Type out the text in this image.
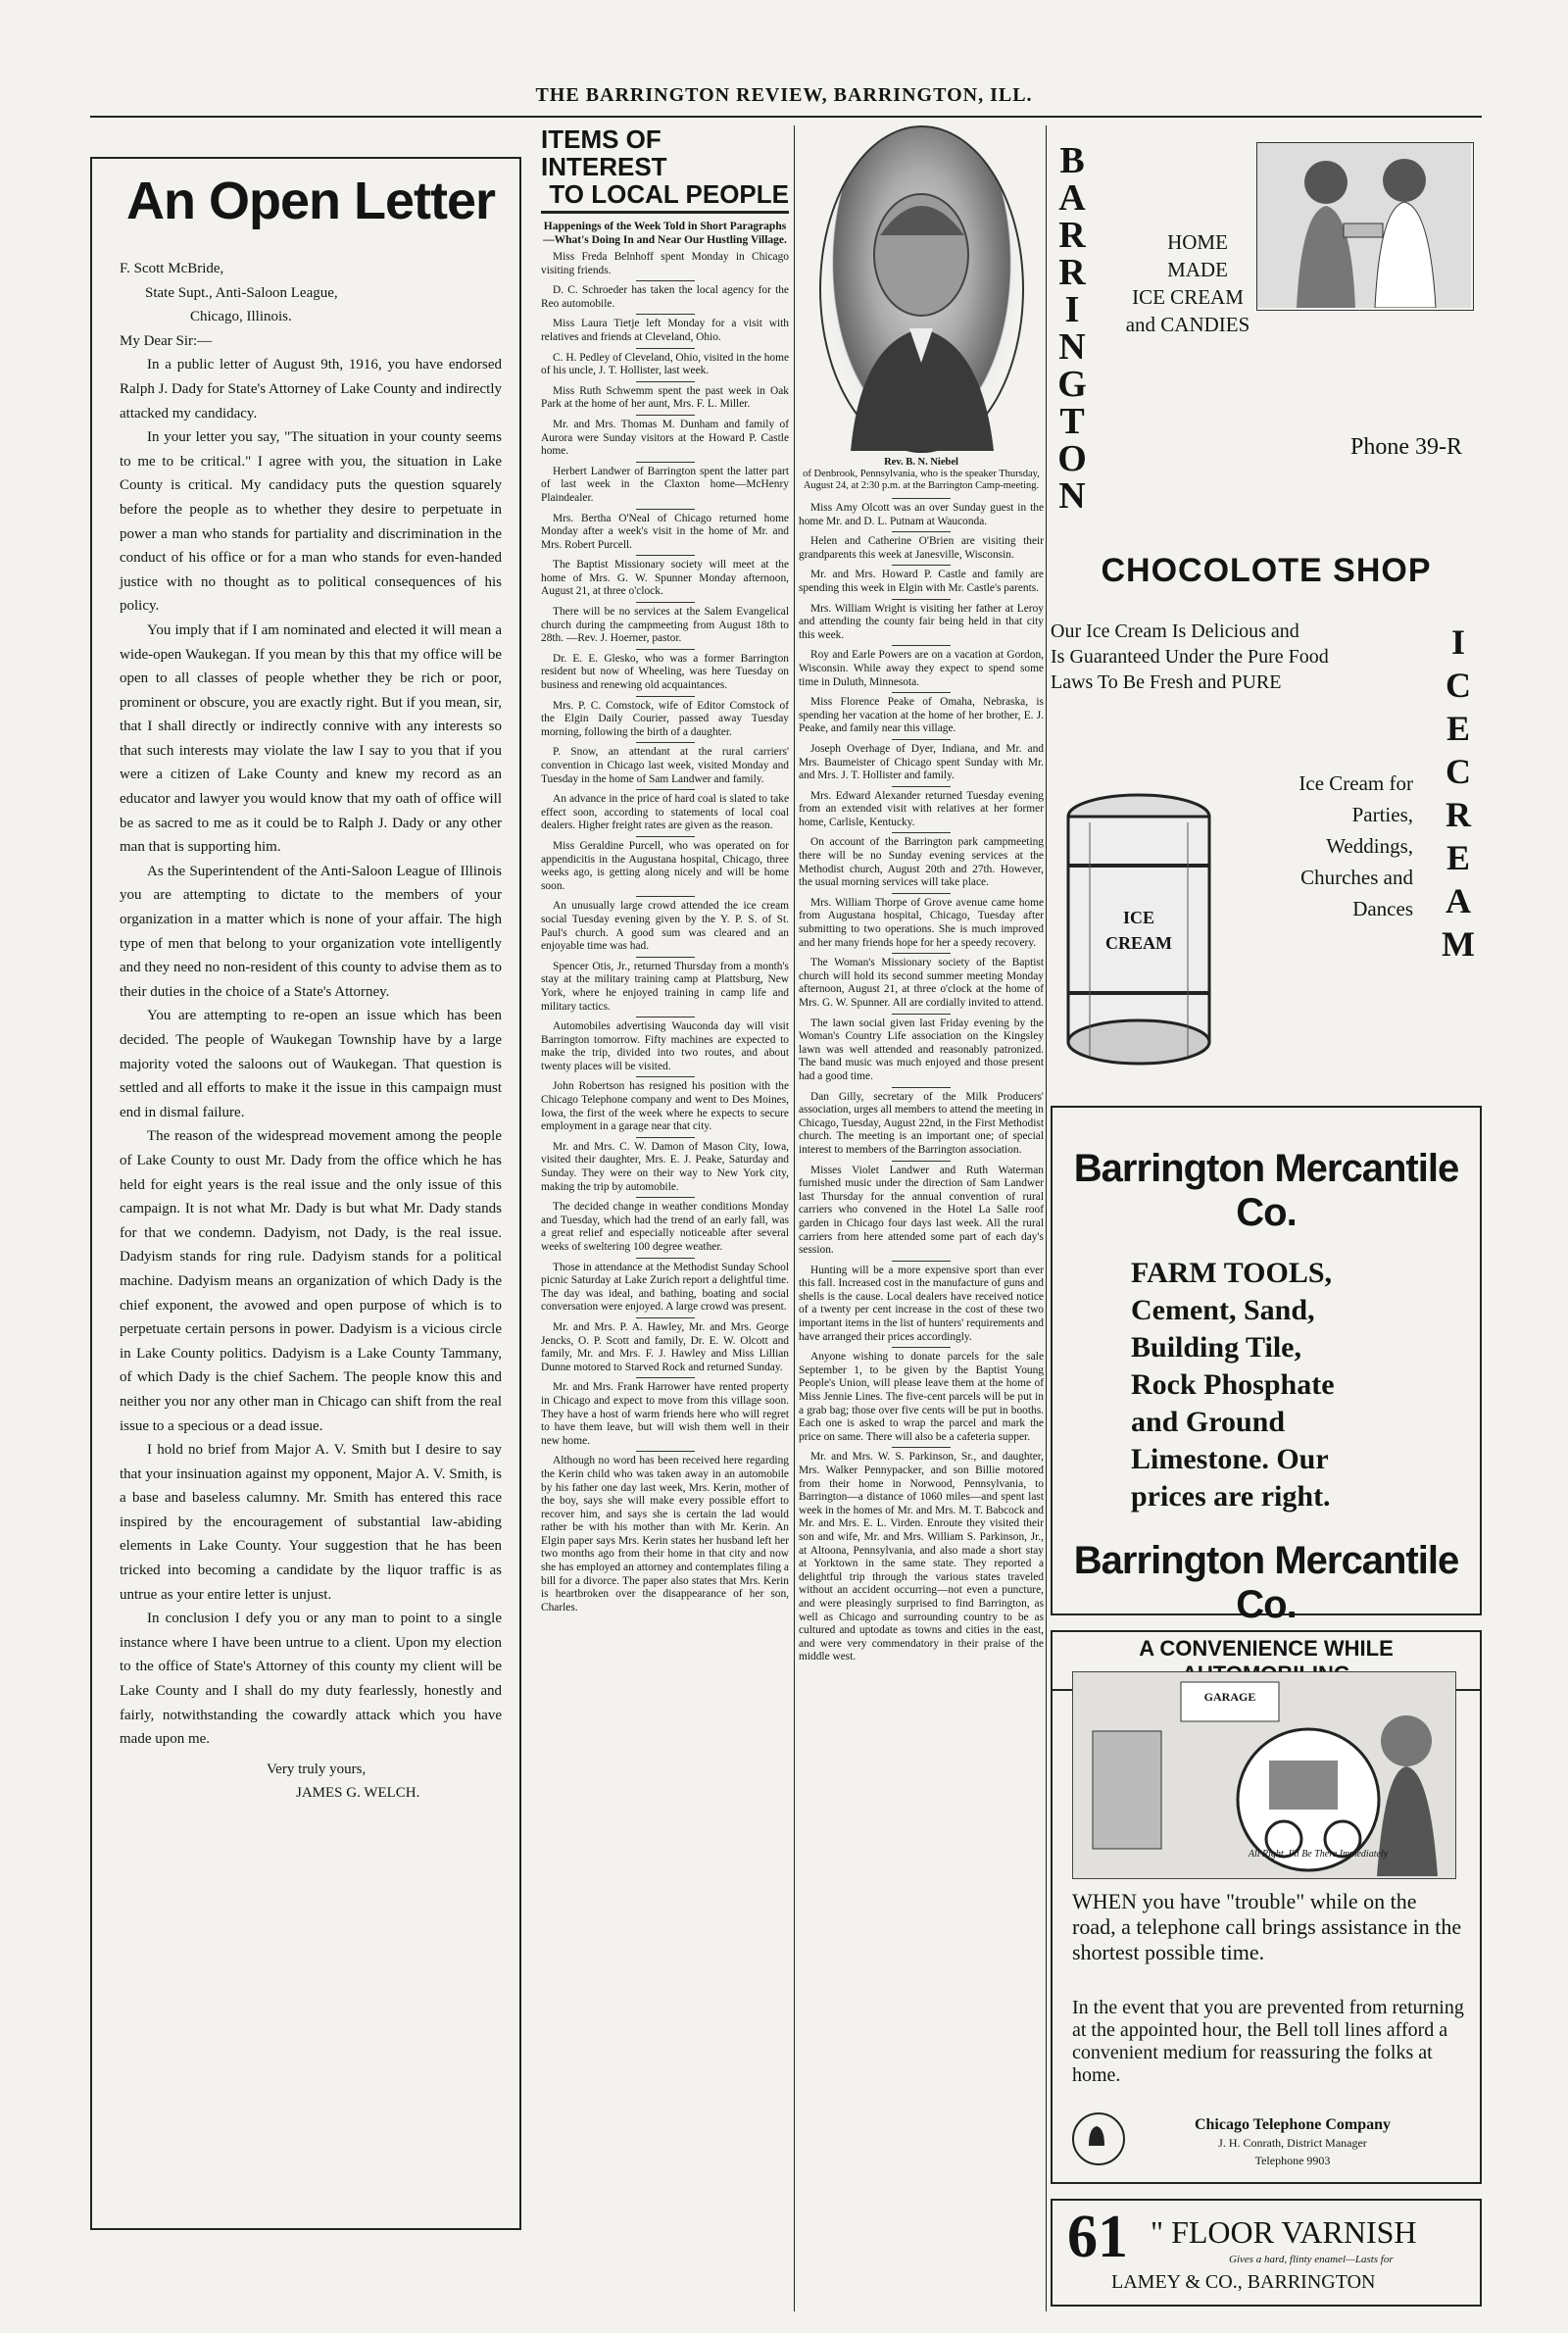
THE BARRINGTON REVIEW, BARRINGTON, ILL.
An Open Letter

F. Scott McBride,

State Supt., Anti-Saloon League,

Chicago, Illinois.

My Dear Sir:—

In a public letter of August 9th, 1916, you have endorsed Ralph J. Dady for State's Attorney of Lake County and indirectly attacked my candidacy.

In your letter you say, "The situation in your county seems to me to be critical." I agree with you, the situation in Lake County is critical. My candidacy puts the question squarely before the people as to whether they desire to perpetuate in power a man who stands for partiality and discrimination in the conduct of his office or for a man who stands for even-handed justice with no thought as to political consequences of his policy.

You imply that if I am nominated and elected it will mean a wide-open Waukegan. If you mean by this that my office will be open to all classes of people whether they be rich or poor, prominent or obscure, you are exactly right. But if you mean, sir, that I shall directly or indirectly connive with any interests so that such interests may violate the law I say to you that if you were a citizen of Lake County and knew my record as an educator and lawyer you would know that my oath of office will be as sacred to me as it could be to Ralph J. Dady or any other man that is supporting him.

As the Superintendent of the Anti-Saloon League of Illinois you are attempting to dictate to the members of your organization in a matter which is none of your affair. The high type of men that belong to your organization vote intelligently and they need no non-resident of this county to advise them as to their duties in the choice of a State's Attorney.

You are attempting to re-open an issue which has been decided. The people of Waukegan Township have by a large majority voted the saloons out of Waukegan. That question is settled and all efforts to make it the issue in this campaign must end in dismal failure.

The reason of the widespread movement among the people of Lake County to oust Mr. Dady from the office which he has held for eight years is the real issue and the only issue of this campaign. It is not what Mr. Dady is but what Mr. Dady stands for that we condemn. Dadyism, not Dady, is the real issue. Dadyism stands for ring rule. Dadyism stands for a political machine. Dadyism means an organization of which Dady is the chief exponent, the avowed and open purpose of which is to perpetuate certain persons in power. Dadyism is a vicious circle in Lake County politics. Dadyism is a Lake County Tammany, of which Dady is the chief Sachem. The people know this and neither you nor any other man in Chicago can shift from the real issue to a specious or a dead issue.

I hold no brief from Major A. V. Smith but I desire to say that your insinuation against my opponent, Major A. V. Smith, is a base and baseless calumny. Mr. Smith has entered this race inspired by the encouragement of substantial law-abiding elements in Lake County. Your suggestion that he has been tricked into becoming a candidate by the liquor traffic is as untrue as your entire letter is unjust.

In conclusion I defy you or any man to point to a single instance where I have been untrue to a client. Upon my election to the office of State's Attorney of this county my client will be Lake County and I shall do my duty fearlessly, honestly and fairly, notwithstanding the cowardly attack which you have made upon me.

Very truly yours,

JAMES G. WELCH.

ITEMS OF INTEREST
TO LOCAL PEOPLE
Happenings of the Week Told in Short Paragraphs—What's Doing In and Near Our Hustling Village.

Miss Freda Belnhoff spent Monday in Chicago visiting friends.

D. C. Schroeder has taken the local agency for the Reo automobile.

Miss Laura Tietje left Monday for a visit with relatives and friends at Cleveland, Ohio.

C. H. Pedley of Cleveland, Ohio, visited in the home of his uncle, J. T. Hollister, last week.

Miss Ruth Schwemm spent the past week in Oak Park at the home of her aunt, Mrs. F. L. Miller.

Mr. and Mrs. Thomas M. Dunham and family of Aurora were Sunday visitors at the Howard P. Castle home.

Herbert Landwer of Barrington spent the latter part of last week in the Claxton home—McHenry Plaindealer.

Mrs. Bertha O'Neal of Chicago returned home Monday after a week's visit in the home of Mr. and Mrs. Robert Purcell.

The Baptist Missionary society will meet at the home of Mrs. G. W. Spunner Monday afternoon, August 21, at three o'clock.

There will be no services at the Salem Evangelical church during the campmeeting from August 18th to 28th. —Rev. J. Hoerner, pastor.

Dr. E. E. Glesko, who was a former Barrington resident but now of Wheeling, was here Tuesday on business and renewing old acquaintances.

Mrs. P. C. Comstock, wife of Editor Comstock of the Elgin Daily Courier, passed away Tuesday morning, following the birth of a daughter.

P. Snow, an attendant at the rural carriers' convention in Chicago last week, visited Monday and Tuesday in the home of Sam Landwer and family.

An advance in the price of hard coal is slated to take effect soon, according to statements of local coal dealers. Higher freight rates are given as the reason.

Miss Geraldine Purcell, who was operated on for appendicitis in the Augustana hospital, Chicago, three weeks ago, is getting along nicely and will be home soon.

An unusually large crowd attended the ice cream social Tuesday evening given by the Y. P. S. of St. Paul's church. A good sum was cleared and an enjoyable time was had.

Spencer Otis, Jr., returned Thursday from a month's stay at the military training camp at Plattsburg, New York, where he enjoyed training in camp life and military tactics.

Automobiles advertising Wauconda day will visit Barrington tomorrow. Fifty machines are expected to make the trip, divided into two routes, and about twenty places will be visited.

John Robertson has resigned his position with the Chicago Telephone company and went to Des Moines, Iowa, the first of the week where he expects to secure employment in a garage near that city.

Mr. and Mrs. C. W. Damon of Mason City, Iowa, visited their daughter, Mrs. E. J. Peake, Saturday and Sunday. They were on their way to New York city, making the trip by automobile.

The decided change in weather conditions Monday and Tuesday, which had the trend of an early fall, was a great relief and especially noticeable after several weeks of sweltering 100 degree weather.

Those in attendance at the Methodist Sunday School picnic Saturday at Lake Zurich report a delightful time. The day was ideal, and bathing, boating and social conversation were enjoyed. A large crowd was present.

Mr. and Mrs. P. A. Hawley, Mr. and Mrs. George Jencks, O. P. Scott and family, Dr. E. W. Olcott and family, Mr. and Mrs. F. J. Hawley and Miss Lillian Dunne motored to Starved Rock and returned Sunday.

Mr. and Mrs. Frank Harrower have rented property in Chicago and expect to move from this village soon. They have a host of warm friends here who will regret to have them leave, but will wish them well in their new home.

Although no word has been received here regarding the Kerin child who was taken away in an automobile by his father one day last week, Mrs. Kerin, mother of the boy, says she will make every possible effort to recover him, and says she is certain the lad would rather be with his mother than with Mr. Kerin. An Elgin paper says Mrs. Kerin states her husband left her two months ago from their home in that city and now she has employed an attorney and contemplates filing a bill for a divorce. The paper also states that Mrs. Kerin is heartbroken over the disappearance of her son, Charles.

Rev. B. N. Niebel
of Denbrook, Pennsylvania, who is the speaker Thursday, August 24, at 2:30 p.m. at the Barrington Camp-meeting.

Miss Amy Olcott was an over Sunday guest in the home Mr. and D. L. Putnam at Wauconda.

Helen and Catherine O'Brien are visiting their grandparents this week at Janesville, Wisconsin.

Mr. and Mrs. Howard P. Castle and family are spending this week in Elgin with Mr. Castle's parents.

Mrs. William Wright is visiting her father at Leroy and attending the county fair being held in that city this week.

Roy and Earle Powers are on a vacation at Gordon, Wisconsin. While away they expect to spend some time in Duluth, Minnesota.

Miss Florence Peake of Omaha, Nebraska, is spending her vacation at the home of her brother, E. J. Peake, and family near this village.

Joseph Overhage of Dyer, Indiana, and Mr. and Mrs. Baumeister of Chicago spent Sunday with Mr. and Mrs. J. T. Hollister and family.

Mrs. Edward Alexander returned Tuesday evening from an extended visit with relatives at her former home, Carlisle, Kentucky.

On account of the Barrington park campmeeting there will be no Sunday evening services at the Methodist church, August 20th and 27th. However, the usual morning services will take place.

Mrs. William Thorpe of Grove avenue came home from Augustana hospital, Chicago, Tuesday after submitting to two operations. She is much improved and her many friends hope for her a speedy recovery.

The Woman's Missionary society of the Baptist church will hold its second summer meeting Monday afternoon, August 21, at three o'clock at the home of Mrs. G. W. Spunner. All are cordially invited to attend.

The lawn social given last Friday evening by the Woman's Country Life association on the Kingsley lawn was well attended and reasonably patronized. The band music was much enjoyed and those present had a good time.

Dan Gilly, secretary of the Milk Producers' association, urges all members to attend the meeting in Chicago, Tuesday, August 22nd, in the First Methodist church. The meeting is an important one; of special interest to members of the Barrington association.

Misses Violet Landwer and Ruth Waterman furnished music under the direction of Sam Landwer last Thursday for the annual convention of rural carriers who convened in the Hotel La Salle roof garden in Chicago four days last week. All the rural carriers from here attended some part of each day's session.

Hunting will be a more expensive sport than ever this fall. Increased cost in the manufacture of guns and shells is the cause. Local dealers have received notice of a twenty per cent increase in the cost of these two important items in the list of hunters' requirements and have arranged their prices accordingly.

Anyone wishing to donate parcels for the sale September 1, to be given by the Baptist Young People's Union, will please leave them at the home of Miss Jennie Lines. The five-cent parcels will be put in a grab bag; those over five cents will be put in booths. Each one is asked to wrap the parcel and mark the price on same. There will also be a cafeteria supper.

Mr. and Mrs. W. S. Parkinson, Sr., and daughter, Mrs. Walker Pennypacker, and son Billie motored from their home in Norwood, Pennsylvania, to Barrington—a distance of 1060 miles—and spent last week in the homes of Mr. and Mrs. M. T. Babcock and Mr. and Mrs. E. L. Virden. Enroute they visited their son and wife, Mr. and Mrs. William S. Parkinson, Jr., at Altoona, Pennsylvania, and also made a short stay at Yorktown in the same state. They reported a delightful trip through the various states traveled without an accident occurring—not even a puncture, and were pleasingly surprised to find Barrington, as well as Chicago and surrounding country to be as cultured and uptodate as towns and cities in the east, and were very commendatory in their praise of the middle west.

B
A
R
R
I
N
G
T
O
N
HOME
MADE
ICE CREAM
and CANDIES
Phone 39-R
CHOCOLOTE SHOP
Our Ice Cream Is Delicious and
Is Guaranteed Under the Pure Food
Laws To Be Fresh and PURE
I
C
E
C
R
E
A
M
ICE CREAM
Ice Cream for
Parties,
Weddings,
Churches and
Dances
Barrington Mercantile Co.
FARM TOOLS,
Cement, Sand,
Building Tile,
Rock Phosphate
and Ground
Limestone. Our
prices are right.
Barrington Mercantile Co.
A CONVENIENCE WHILE
GARAGE
All Right, I'll Be There Immediately
WHEN you have "trouble" while on the road, a telephone call brings assistance in the shortest possible time.
In the event that you are prevented from returning at the appointed hour, the Bell toll lines afford a convenient medium for reassuring the folks at home.
Chicago Telephone Company
J. H. Conrath, District Manager
Telephone 9903
61 " FLOOR VARNISH
Gives a hard, flinty enamel—Lasts for
LAMEY & CO., BARRINGTON
